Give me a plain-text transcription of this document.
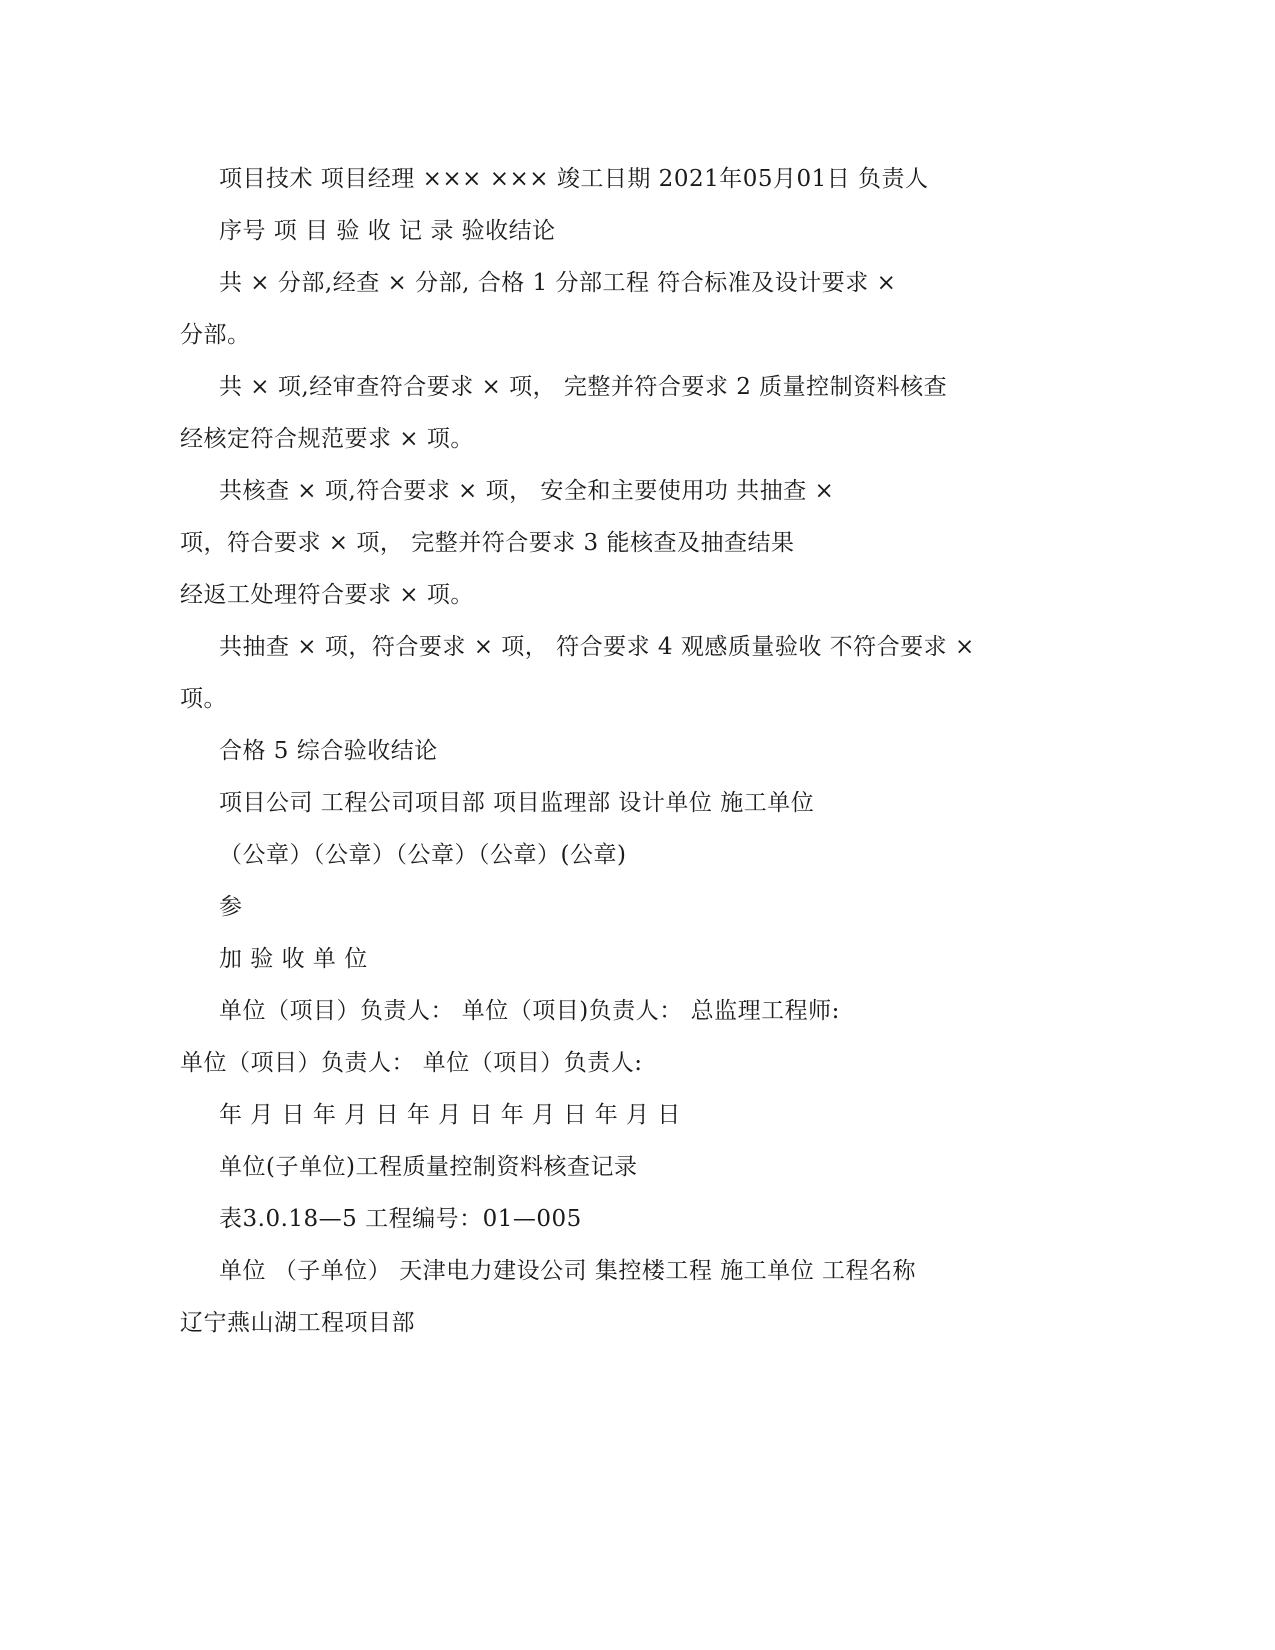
项目技术 项目经理 ××× ××× 竣工日期 2021年05月01日 负责人
序号 项 目 验 收 记 录 验收结论
共 × 分部,经查 × 分部, 合格 1 分部工程 符合标准及设计要求 ×
分部。
共 × 项,经审查符合要求 × 项， 完整并符合要求 2 质量控制资料核查
经核定符合规范要求 × 项。
共核查 × 项,符合要求 × 项， 安全和主要使用功 共抽查 ×
项，符合要求 × 项， 完整并符合要求 3 能核查及抽查结果
经返工处理符合要求 × 项。
共抽查 × 项，符合要求 × 项， 符合要求 4 观感质量验收 不符合要求 ×
项。
合格 5 综合验收结论
项目公司 工程公司项目部 项目监理部 设计单位 施工单位
（公章）（公章）（公章）（公章）(公章)
参
加 验 收 单 位
单位（项目）负责人： 单位（项目)负责人： 总监理工程师:
单位（项目）负责人： 单位（项目）负责人:
年 月 日 年 月 日 年 月 日 年 月 日 年 月 日
单位(子单位)工程质量控制资料核查记录
表3.0.18—5 工程编号：01—005
单位 （子单位） 天津电力建设公司 集控楼工程 施工单位 工程名称
辽宁燕山湖工程项目部
